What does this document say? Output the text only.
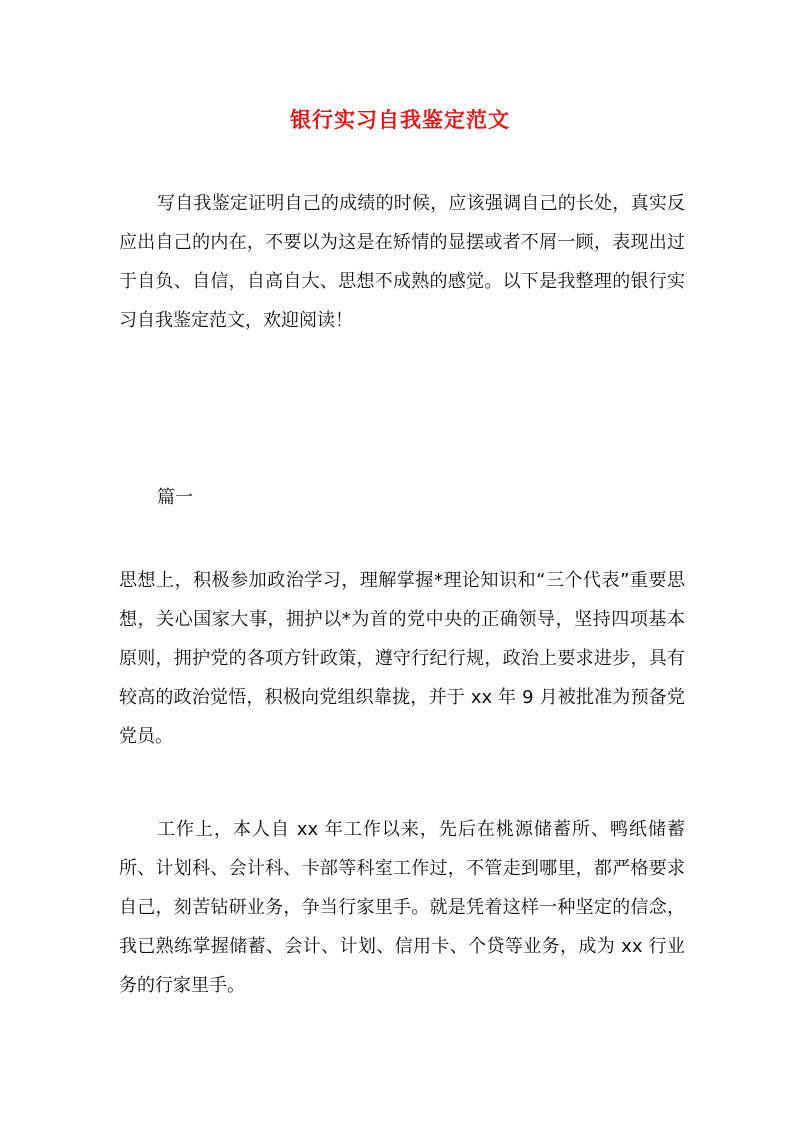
银行实习自我鉴定范文

写自我鉴定证明自己的成绩的时候，应该强调自己的长处，真实反应出自己的内在，不要以为这是在矫情的显摆或者不屑一顾，表现出过于自负、自信，自高自大、思想不成熟的感觉。以下是我整理的银行实习自我鉴定范文，欢迎阅读！

篇一

思想上，积极参加政治学习，理解掌握*理论知识和“三个代表”重要思想，关心国家大事，拥护以*为首的党中央的正确领导，坚持四项基本原则，拥护党的各项方针政策，遵守行纪行规，政治上要求进步，具有较高的政治觉悟，积极向党组织靠拢，并于 xx 年 9 月被批准为预备党党员。

工作上，本人自 xx 年工作以来，先后在桃源储蓄所、鸭纸储蓄所、计划科、会计科、卡部等科室工作过，不管走到哪里，都严格要求自己，刻苦钻研业务，争当行家里手。就是凭着这样一种坚定的信念，我已熟练掌握储蓄、会计、计划、信用卡、个贷等业务，成为 xx 行业务的行家里手。
